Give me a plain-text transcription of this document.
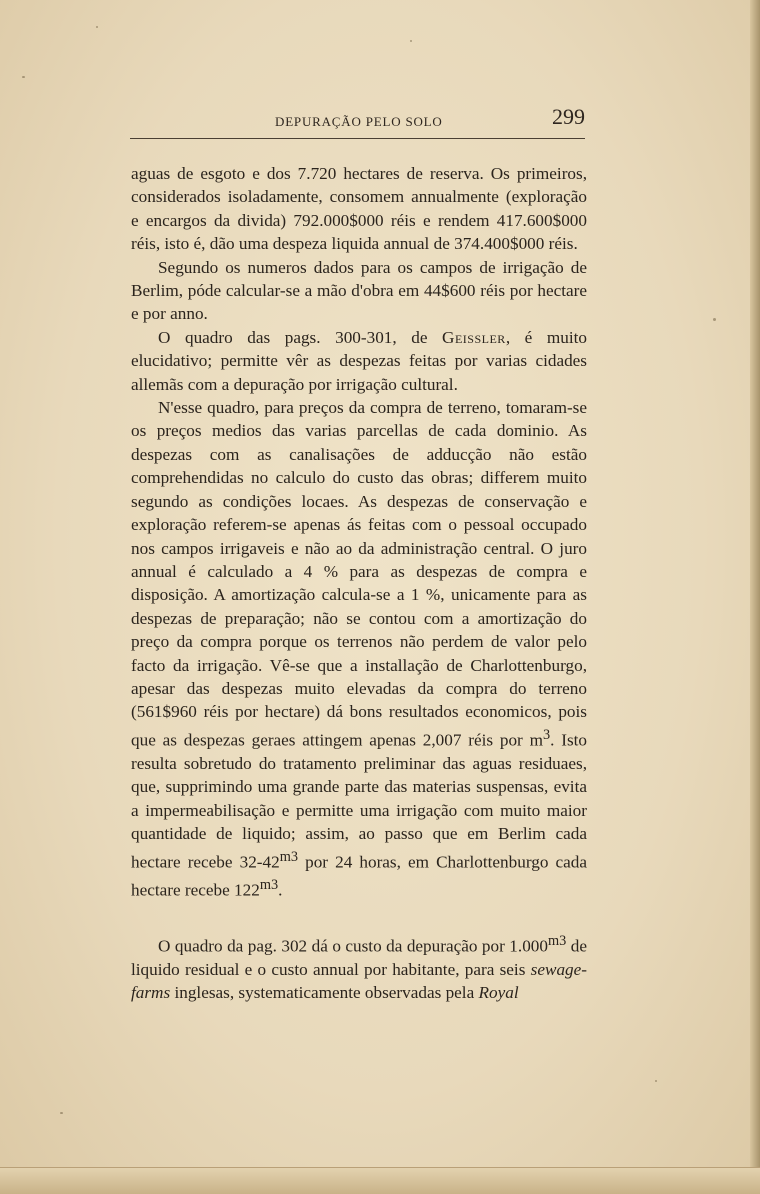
DEPURAÇÃO PELO SOLO	299

aguas de esgoto e dos 7.720 hectares de reserva. Os primeiros, considerados isoladamente, consomem annualmente (exploração e encargos da divida) 792.000$000 réis e rendem 417.600$000 réis, isto é, dão uma despeza liquida annual de 374.400$000 réis.

Segundo os numeros dados para os campos de irrigação de Berlim, póde calcular-se a mão d'obra em 44$600 réis por hectare e por anno.

O quadro das pags. 300-301, de Geissler, é muito elucidativo; permitte vêr as despezas feitas por varias cidades allemãs com a depuração por irrigação cultural.

N'esse quadro, para preços da compra de terreno, tomaram-se os preços medios das varias parcellas de cada dominio. As despezas com as canalisações de adducção não estão comprehendidas no calculo do custo das obras; differem muito segundo as condições locaes. As despezas de conservação e exploração referem-se apenas ás feitas com o pessoal occupado nos campos irrigaveis e não ao da administração central. O juro annual é calculado a 4 % para as despezas de compra e disposição. A amortização calcula-se a 1 %, unicamente para as despezas de preparação; não se contou com a amortização do preço da compra porque os terrenos não perdem de valor pelo facto da irrigação. Vê-se que a installação de Charlottenburgo, apesar das despezas muito elevadas da compra do terreno (561$960 réis por hectare) dá bons resultados economicos, pois que as despezas geraes attingem apenas 2,007 réis por $m^3$. Isto resulta sobretudo do tratamento preliminar das aguas residuaes, que, supprimindo uma grande parte das materias suspensas, evita a impermeabilisação e permitte uma irrigação com muito maior quantidade de liquido; assim, ao passo que em Berlim cada hectare recebe $32-42^{m3}$ por 24 horas, em Charlottenburgo cada hectare recebe $122^{m3}$.

O quadro da pag. 302 dá o custo da depuração por $1.000^{m3}$ de liquido residual e o custo annual por habitante, para seis sewage-farms inglesas, systematicamente observadas pela Royal
